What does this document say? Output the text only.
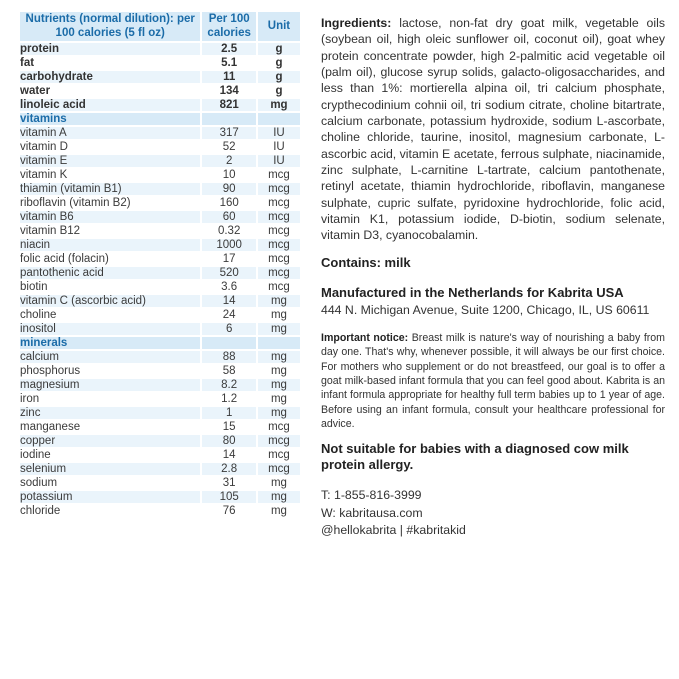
Nutrients (normal dilution): per 100 calories (5 fl oz)	Per 100 calories	Unit
protein	2.5	g
fat	5.1	g
carbohydrate	11	g
water	134	g
linoleic acid	821	mg
vitamins		
vitamin A	317	IU
vitamin D	52	IU
vitamin E	2	IU
vitamin K	10	mcg
thiamin (vitamin B1)	90	mcg
riboflavin (vitamin B2)	160	mcg
vitamin B6	60	mcg
vitamin B12	0.32	mcg
niacin	1000	mcg
folic acid (folacin)	17	mcg
pantothenic acid	520	mcg
biotin	3.6	mcg
vitamin C (ascorbic acid)	14	mg
choline	24	mg
inositol	6	mg
minerals		
calcium	88	mg
phosphorus	58	mg
magnesium	8.2	mg
iron	1.2	mg
zinc	1	mg
manganese	15	mcg
copper	80	mcg
iodine	14	mcg
selenium	2.8	mcg
sodium	31	mg
potassium	105	mg
chloride	76	mg
Ingredients: lactose, non-fat dry goat milk, vegetable oils (soybean oil, high oleic sunflower oil, coconut oil), goat whey protein concentrate powder, high 2-palmitic acid vegetable oil (palm oil), glucose syrup solids, galacto-oligosaccharides, and less than 1%: mortierella alpina oil, tri calcium phosphate, crypthecodinium cohnii oil, tri sodium citrate, choline bitartrate, calcium carbonate, potassium hydroxide, sodium L-ascorbate, choline chloride, taurine, inositol, magnesium carbonate, L-ascorbic acid, vitamin E acetate, ferrous sulphate, niacinamide, zinc sulphate, L-carnitine L-tartrate, calcium pantothenate, retinyl acetate, thiamin hydrochloride, riboflavin, manganese sulphate, cupric sulfate, pyridoxine hydrochloride, folic acid, vitamin K1, potassium iodide, D-biotin, sodium selenate, vitamin D3, cyanocobalamin.
Contains: milk
Manufactured in the Netherlands for Kabrita USA
444 N. Michigan Avenue, Suite 1200, Chicago, IL, US 60611
Important notice: Breast milk is nature's way of nourishing a baby from day one. That's why, whenever possible, it will always be our first choice. For mothers who supplement or do not breastfeed, our goal is to offer a goat milk-based infant formula that you can feel good about. Kabrita is an infant formula appropriate for healthy full term babies up to 1 year of age. Before using an infant formula, consult your healthcare professional for advice.
Not suitable for babies with a diagnosed cow milk protein allergy.
T: 1-855-816-3999
W: kabritausa.com
@hellokabrita | #kabritakid
